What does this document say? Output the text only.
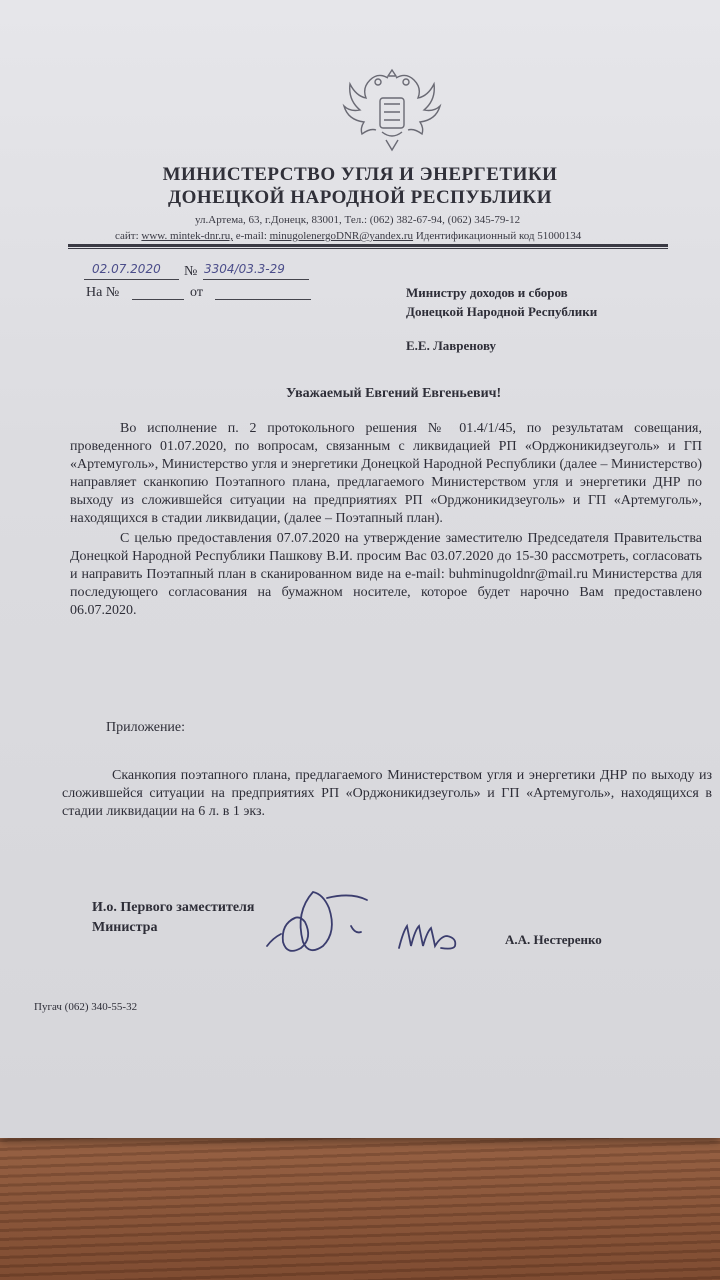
МИНИСТЕРСТВО УГЛЯ И ЭНЕРГЕТИКИ
ДОНЕЦКОЙ НАРОДНОЙ РЕСПУБЛИКИ
ул.Артема, 63, г.Донецк, 83001, Тел.: (062) 382-67-94, (062) 345-79-12
сайт: www. mintek-dnr.ru, e-mail: minugolenergoDNR@yandex.ru Идентификационный код 51000134
02.07.2020 № 3304/03.3-29
На №	от	Министру доходов и сборов
Донецкой Народной Республики
Е.Е. Лавренову
Уважаемый Евгений Евгеньевич!

Во исполнение п. 2 протокольного решения № 01.4/1/45, по результатам совещания, проведенного 01.07.2020, по вопросам, связанным с ликвидацией РП «Орджоникидзеуголь» и ГП «Артемуголь», Министерство угля и энергетики Донецкой Народной Республики (далее – Министерство) направляет сканкопию Поэтапного плана, предлагаемого Министерством угля и энергетики ДНР по выходу из сложившейся ситуации на предприятиях РП «Орджоникидзеуголь» и ГП «Артемуголь», находящихся в стадии ликвидации, (далее – Поэтапный план).

С целью предоставления 07.07.2020 на утверждение заместителю Председателя Правительства Донецкой Народной Республики Пашкову В.И. просим Вас 03.07.2020 до 15-30 рассмотреть, согласовать и направить Поэтапный план в сканированном виде на e-mail: buhminugoldnr@mail.ru Министерства для последующего согласования на бумажном носителе, которое будет нарочно Вам предоставлено 06.07.2020.

Приложение:

Сканкопия поэтапного плана, предлагаемого Министерством угля и энергетики ДНР по выходу из сложившейся ситуации на предприятиях РП «Орджоникидзеуголь» и ГП «Артемуголь», находящихся в стадии ликвидации на 6 л. в 1 экз.

И.о. Первого заместителя
Министра
А.А. Нестеренко
Пугач (062) 340-55-32
